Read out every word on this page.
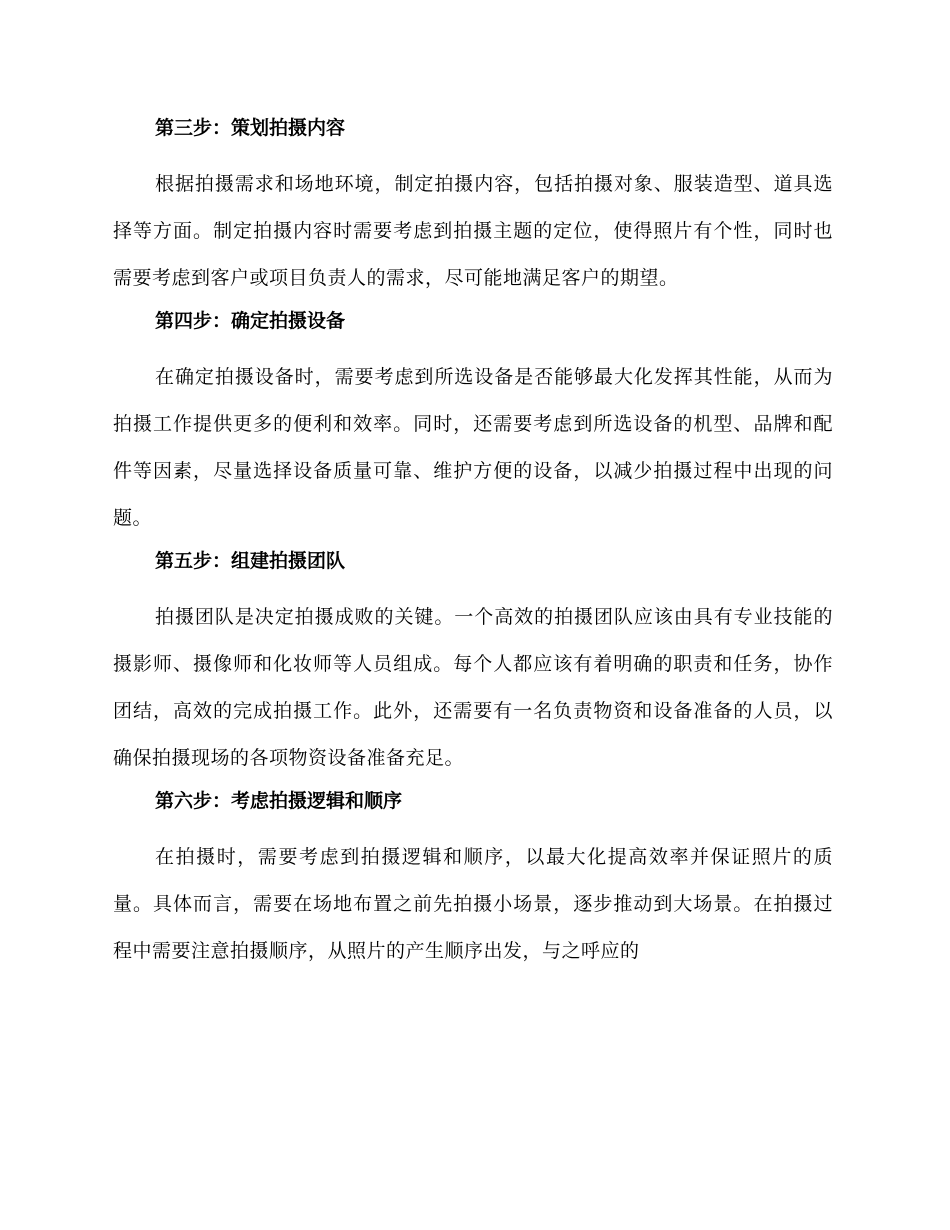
第三步：策划拍摄内容

根据拍摄需求和场地环境，制定拍摄内容，包括拍摄对象、服装造型、道具选择等方面。制定拍摄内容时需要考虑到拍摄主题的定位，使得照片有个性，同时也需要考虑到客户或项目负责人的需求，尽可能地满足客户的期望。

第四步：确定拍摄设备

在确定拍摄设备时，需要考虑到所选设备是否能够最大化发挥其性能，从而为拍摄工作提供更多的便利和效率。同时，还需要考虑到所选设备的机型、品牌和配件等因素，尽量选择设备质量可靠、维护方便的设备，以减少拍摄过程中出现的问题。

第五步：组建拍摄团队

拍摄团队是决定拍摄成败的关键。一个高效的拍摄团队应该由具有专业技能的摄影师、摄像师和化妆师等人员组成。每个人都应该有着明确的职责和任务，协作团结，高效的完成拍摄工作。此外，还需要有一名负责物资和设备准备的人员，以确保拍摄现场的各项物资设备准备充足。

第六步：考虑拍摄逻辑和顺序

在拍摄时，需要考虑到拍摄逻辑和顺序，以最大化提高效率并保证照片的质量。具体而言，需要在场地布置之前先拍摄小场景，逐步推动到大场景。在拍摄过程中需要注意拍摄顺序，从照片的产生顺序出发，与之呼应的
